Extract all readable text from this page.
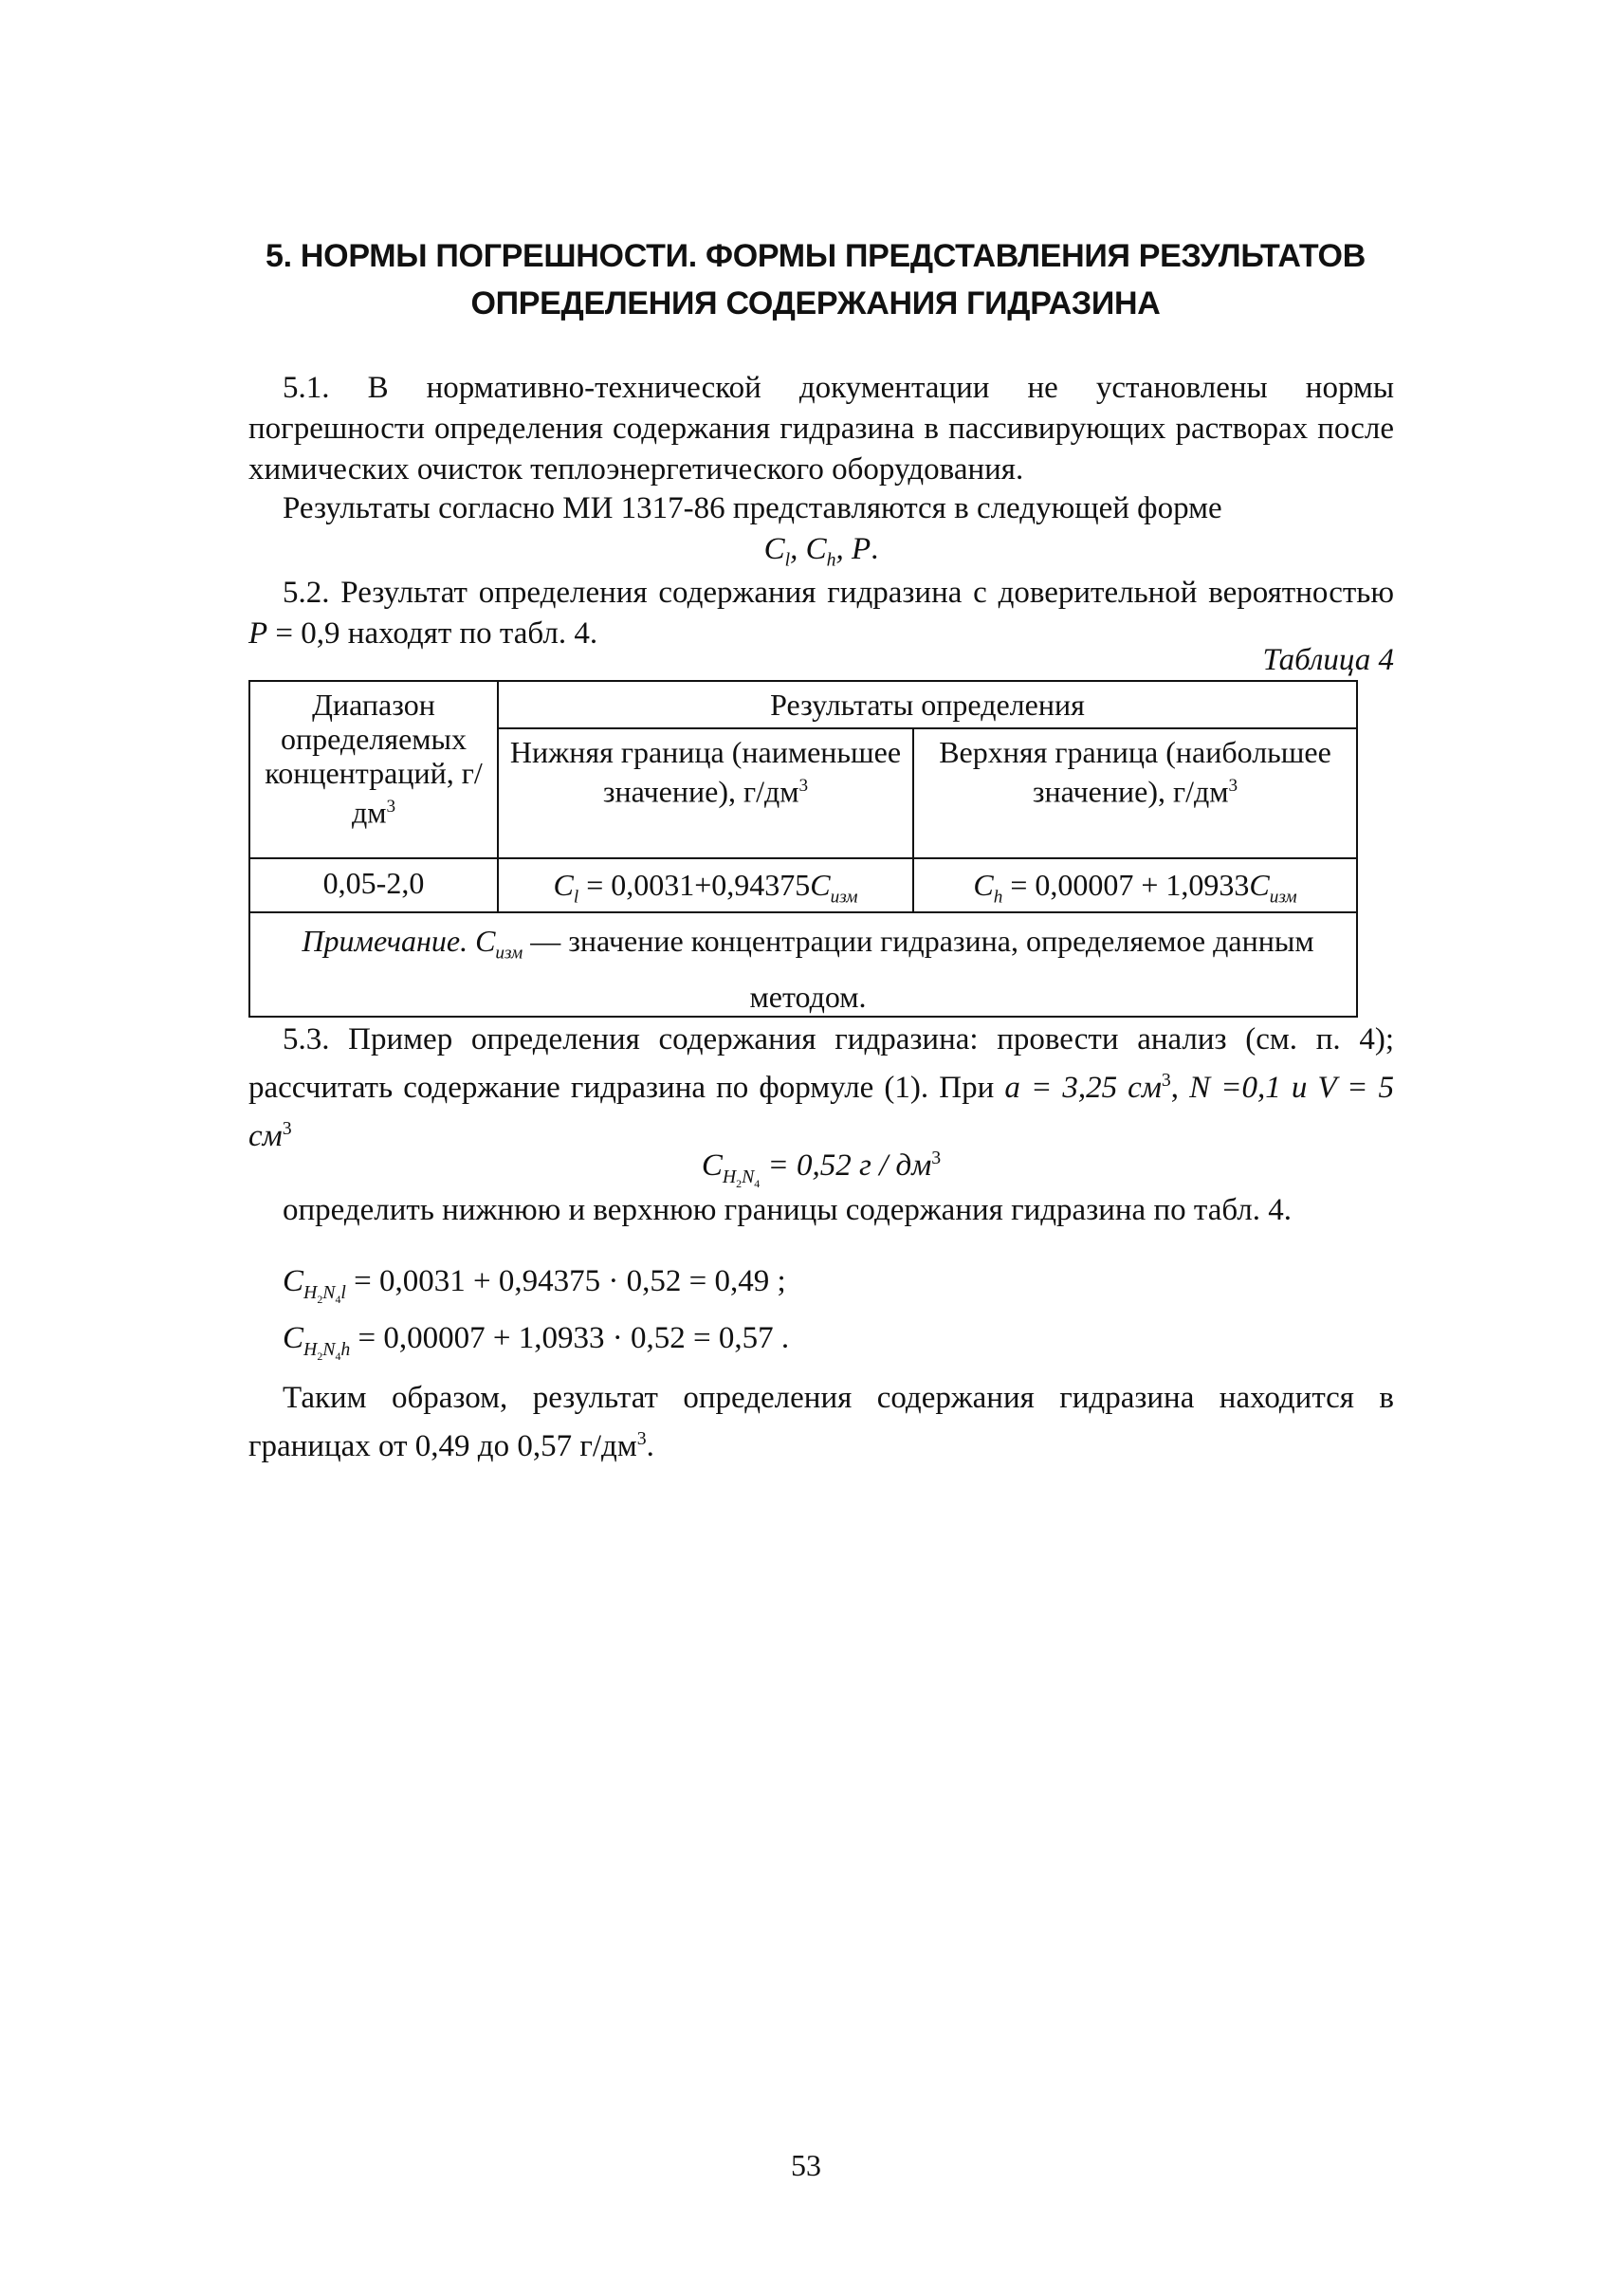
5. НОРМЫ ПОГРЕШНОСТИ. ФОРМЫ ПРЕДСТАВЛЕНИЯ РЕЗУЛЬТАТОВ
ОПРЕДЕЛЕНИЯ СОДЕРЖАНИЯ ГИДРАЗИНА
5.1. В нормативно-технической документации не установлены нормы погрешности определения содержания гидразина в пассивирующих растворах после химических очисток теплоэнергетического оборудования.
Результаты согласно МИ 1317-86 представляются в следующей форме
$C_l$, $C_h$, P.
5.2. Результат определения содержания гидразина с доверительной вероятностью P = 0,9 находят по табл. 4.
Таблица 4
Диапазон определяемых концентраций, $г/дм^3$
Результаты определения
Нижняя граница (наименьшее значение), $г/дм^3$
Верхняя граница (наибольшее значение), $г/дм^3$
0,05-2,0	$C_l = 0,0031+0,94375C_{изм}$	$C_h = 0,00007 + 1,0933C_{изм}$
Примечание. $C_{изм}$ — значение концентрации гидразина, определяемое данным методом.
5.3. Пример определения содержания гидразина: провести анализ (см. п. 4); рассчитать содержание гидразина по формуле (1). При a = 3,25 $см^3$, N =0,1 и V = 5 $см^3$
$C_{H_2N_4} = 0,52$ г / $дм^3$
определить нижнюю и верхнюю границы содержания гидразина по табл. 4.
$C_{H_2N_4l} = 0,0031 + 0,94375 \cdot 0,52 = 0,49$ ;
$C_{H_2N_4h} = 0,00007 + 1,0933 \cdot 0,52 = 0,57$ .
Таким образом, результат определения содержания гидразина находится в границах от 0,49 до 0,57 $г/дм^3$.
53
